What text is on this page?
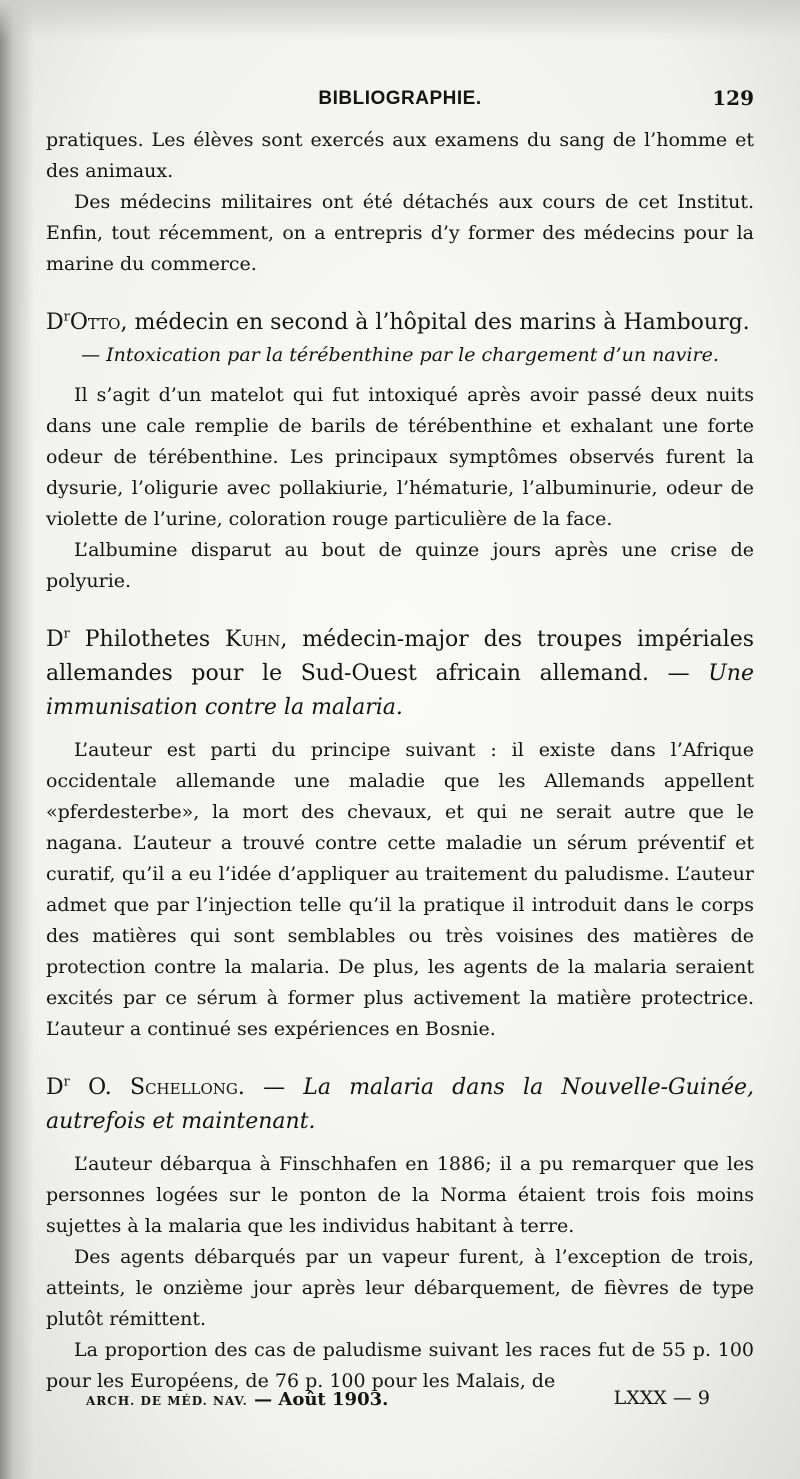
BIBLIOGRAPHIE.	129

pratiques. Les élèves sont exercés aux examens du sang de l’homme et des animaux.

Des médecins militaires ont été détachés aux cours de cet Institut. Enfin, tout récemment, on a entrepris d’y former des médecins pour la marine du commerce.

$D^rOtto$, médecin en second à l’hôpital des marins à Hambourg.

— Intoxication par la térébenthine par le chargement d’un navire.

Il s’agit d’un matelot qui fut intoxiqué après avoir passé deux nuits dans une cale remplie de barils de térébenthine et exhalant une forte odeur de térébenthine. Les principaux symptômes observés furent la dysurie, l’oligurie avec pollakiurie, l’hématurie, l’albuminurie, odeur de violette de l’urine, coloration rouge particulière de la face.

L’albumine disparut au bout de quinze jours après une crise de polyurie.

$D^r$ Philothetes Kuhn, médecin-major des troupes impériales allemandes pour le Sud-Ouest africain allemand. — Une immunisation contre la malaria.

L’auteur est parti du principe suivant : il existe dans l’Afrique occidentale allemande une maladie que les Allemands appellent «pferdesterbe», la mort des chevaux, et qui ne serait autre que le nagana. L’auteur a trouvé contre cette maladie un sérum préventif et curatif, qu’il a eu l’idée d’appliquer au traitement du paludisme. L’auteur admet que par l’injection telle qu’il la pratique il introduit dans le corps des matières qui sont semblables ou très voisines des matières de protection contre la malaria. De plus, les agents de la malaria seraient excités par ce sérum à former plus activement la matière protectrice. L’auteur a continué ses expériences en Bosnie.

$D^r$ O. Schellong. — La malaria dans la Nouvelle-Guinée, autrefois et maintenant.

L’auteur débarqua à Finschhafen en 1886; il a pu remarquer que les personnes logées sur le ponton de la Norma étaient trois fois moins sujettes à la malaria que les individus habitant à terre.

Des agents débarqués par un vapeur furent, à l’exception de trois, atteints, le onzième jour après leur débarquement, de fièvres de type plutôt rémittent.

La proportion des cas de paludisme suivant les races fut de 55 p. 100 pour les Européens, de 76 p. 100 pour les Malais, de

ARCH. DE MÉD. NAV. — Août 1903.	LXXX — 9
